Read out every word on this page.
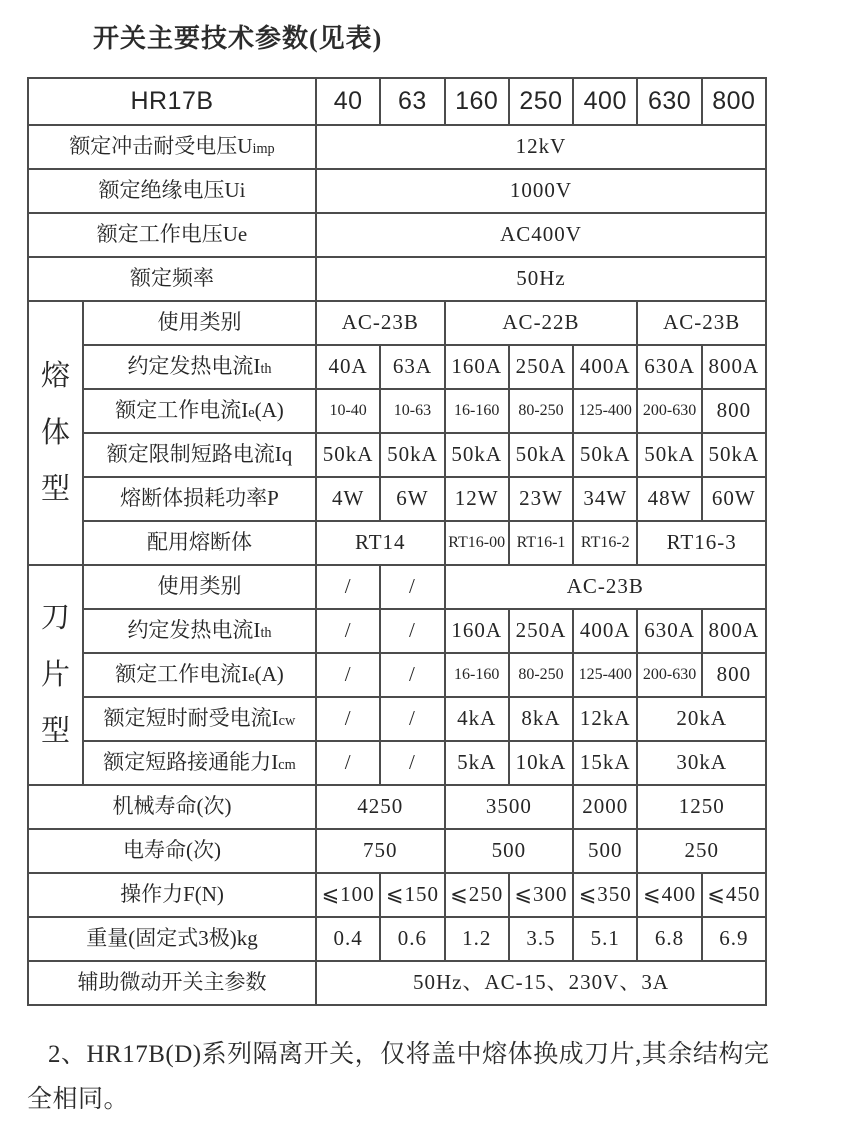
开关主要技术参数(见表)
HR17B		40	63	160	250	400	630	800
额定冲击耐受电压Uimp		12kV						
额定绝缘电压Ui		1000V						
额定工作电压Ue		AC400V						
额定频率		50Hz						

熔体型	使用类别	AC-23B		AC-22B			AC-23B	
	约定发热电流Ith	40A	63A	160A	250A	400A	630A	800A
	额定工作电流Ie(A)	10-40	10-63	16-160	80-250	125-400	200-630	800
	额定限制短路电流Iq	50kA	50kA	50kA	50kA	50kA	50kA	50kA
	熔断体损耗功率P	4W	6W	12W	23W	34W	48W	60W
	配用熔断体	RT14		RT16-00	RT16-1	RT16-2	RT16-3	

刀片型	使用类别	/	/	AC-23B				
	约定发热电流Ith	/	/	160A	250A	400A	630A	800A
	额定工作电流Ie(A)	/	/	16-160	80-250	125-400	200-630	800
	额定短时耐受电流Icw	/	/	4kA	8kA	12kA	20kA	
	额定短路接通能力Icm	/	/	5kA	10kA	15kA	30kA	
机械寿命(次)		4250		3500		2000	1250	
电寿命(次)		750		500		500	250	
操作力F(N)		⩽100	⩽150	⩽250	⩽300	⩽350	⩽400	⩽450
重量(固定式3极)kg		0.4	0.6	1.2	3.5	5.1	6.8	6.9
辅助微动开关主参数		50Hz、AC-15、230V、3A						

2、HR17B(D)系列隔离开关，仅将盖中熔体换成刀片,其余结构完全相同。
